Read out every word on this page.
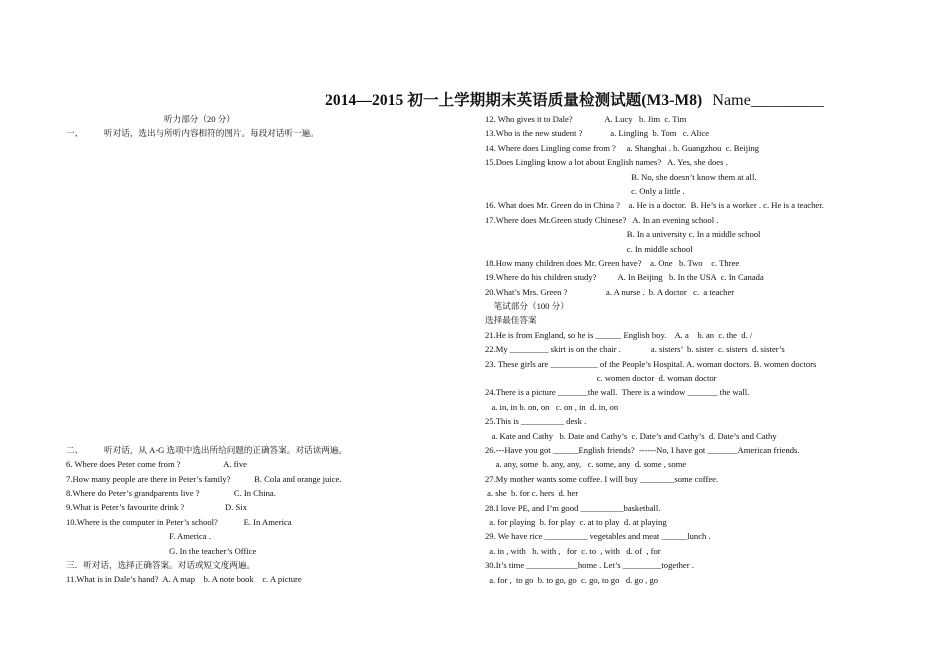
2014—2015 初一上学期期末英语质量检测试题(M3-M8) Name_________
听力部分（20 分）
一、 听对话，选出与所听内容相符的图片。每段对话听一遍。
二、 听对话，从 A-G 选项中选出所给问题的正确答案。对话读两遍。
6. Where does Peter come from ?                    A. five
7.How many people are there in Peter’s family?           B. Cola and orange juice.
8.Where do Peter’s grandparents live ?                C. In China.
9.What is Peter’s favourite drink ?                   D. Six
10.Where is the computer in Peter’s school?            E. In America
F. America .
G. In the teacher’s Office
三．听对话，选择正确答案。对话或短文度两遍。
11.What is in Dale’s hand?  A. A map    b. A note book    c. A picture
12. Who gives it to Dale?               A. Lucy   b. Jim  c. Tim
13.Who is the new student ?             a. Lingling  b. Tom   c. Alice
14. Where does Lingling come from ?     a. Shanghai . b. Guangzhou  c. Beijing
15.Does Lingling know a lot about English names?   A. Yes, she does .
B. No, she doesn’t know them at all.
c. Only a little .
16. What does Mr. Green do in China ?    a. He is a doctor.  B. He’s is a worker . c. He is a teacher.
17.Where does Mr.Green study Chinese?   A. In an evening school .
B. In a university c. In a middle school
c. In middle school
18.How many children does Mr. Green have?    a. One   b. Two    c. Three
19.Where do his children study?          A. In Beijing   b. In the USA  c. In Canada
20.What’s Mrs. Green ?                  a. A nurse .  b. A doctor   c.  a teacher
笔试部分（100 分）
选择最佳答案
21.He is from England, so he is ______ English boy.    A. a    b. an  c. the  d. /
22.My _________ skirt is on the chair .              a. sisters’  b. sister  c. sisters  d. sister’s
23. These girls are ___________ of the People’s Hospital. A. woman doctors. B. women doctors
c. women doctor  d. woman doctor
24.There is a picture _______the wall.  There is a window _______ the wall.
a. in, in b. on, on   c. on , in  d. in, on
25.This is __________ desk .
a. Kate and Cathy   b. Date and Cathy’s  c. Date’s and Cathy’s  d. Date’s and Cathy
26.---Have you got ______English friends?  ------No, I have got _______American friends.
a. any, some  b. any, any,   c. some, any  d. some , some
27.My mother wants some coffee. I will buy ________some coffee.
a. she  b. for c. hers  d. her
28.I love PE, and I’m good __________basketball.
a. for playing  b. for play  c. at to play  d. at playing
29. We have rice __________ vegetables and meat ______lunch .
a. in , with   b. with ,   for  c. to  , with   d. of  , for
30.It’s time ____________home . Let’s _________together .
a. for ,  to go  b. to go, go  c. go, to go   d. go , go
